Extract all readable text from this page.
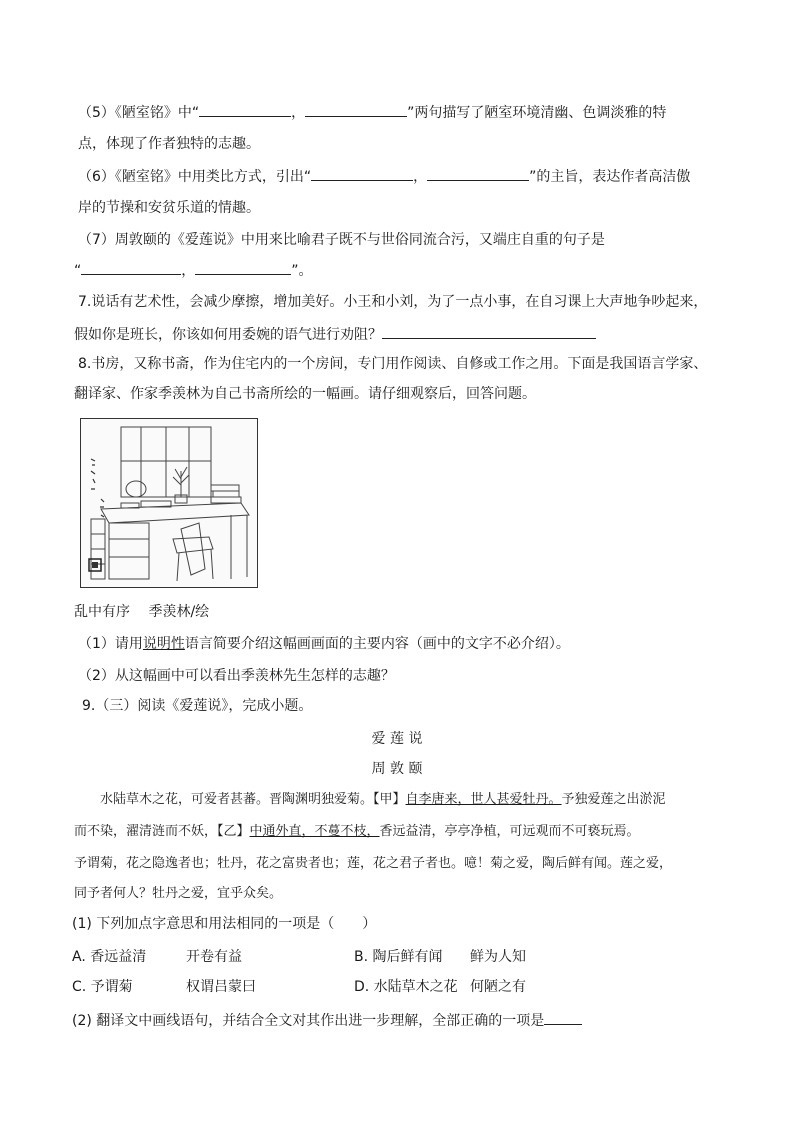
（5）《陋室铭》中“	，	”两句描写了陋室环境清幽、色调淡雅的特
点，体现了作者独特的志趣。
（6）《陋室铭》中用类比方式，引出“	，	”的主旨，表达作者高洁傲
岸的节操和安贫乐道的情趣。
（7）周敦颐的《爱莲说》中用来比喻君子既不与世俗同流合污，又端庄自重的句子是
“	，	”。
7.说话有艺术性，会减少摩擦，增加美好。小王和小刘，为了一点小事，在自习课上大声地争吵起来，
假如你是班长，你该如何用委婉的语气进行劝阻？
8.书房，又称书斋，作为住宅内的一个房间，专门用作阅读、自修或工作之用。下面是我国语言学家、
翻译家、作家季羡林为自己书斋所绘的一幅画。请仔细观察后，回答问题。
乱中有序　 季羡林/绘
（1）请用说明性语言简要介绍这幅画画面的主要内容（画中的文字不必介绍）。
（2）从这幅画中可以看出季羡林先生怎样的志趣？
9.（三）阅读《爱莲说》，完成小题。
爱 莲 说
周 敦 颐
水陆草木之花，可爱者甚蕃。晋陶渊明独爱菊。【甲】自李唐来，世人甚爱牡丹。予独爱莲之出淤泥
而不染，濯清涟而不妖，【乙】中通外直，不蔓不枝，香远益清，亭亭净植，可远观而不可亵玩焉。
予谓菊，花之隐逸者也；牡丹，花之富贵者也；莲，花之君子者也。噫！菊之爱，陶后鲜有闻。莲之爱，
同予者何人？牡丹之爱，宜乎众矣。
(1) 下列加点字意思和用法相同的一项是（　　）
A. 香远益清	开卷有益	B. 陶后鲜有闻 鲜为人知
C. 予谓菊	权谓吕蒙曰	D. 水陆草木之花 何陋之有
(2) 翻译文中画线语句，并结合全文对其作出进一步理解，全部正确的一项是
